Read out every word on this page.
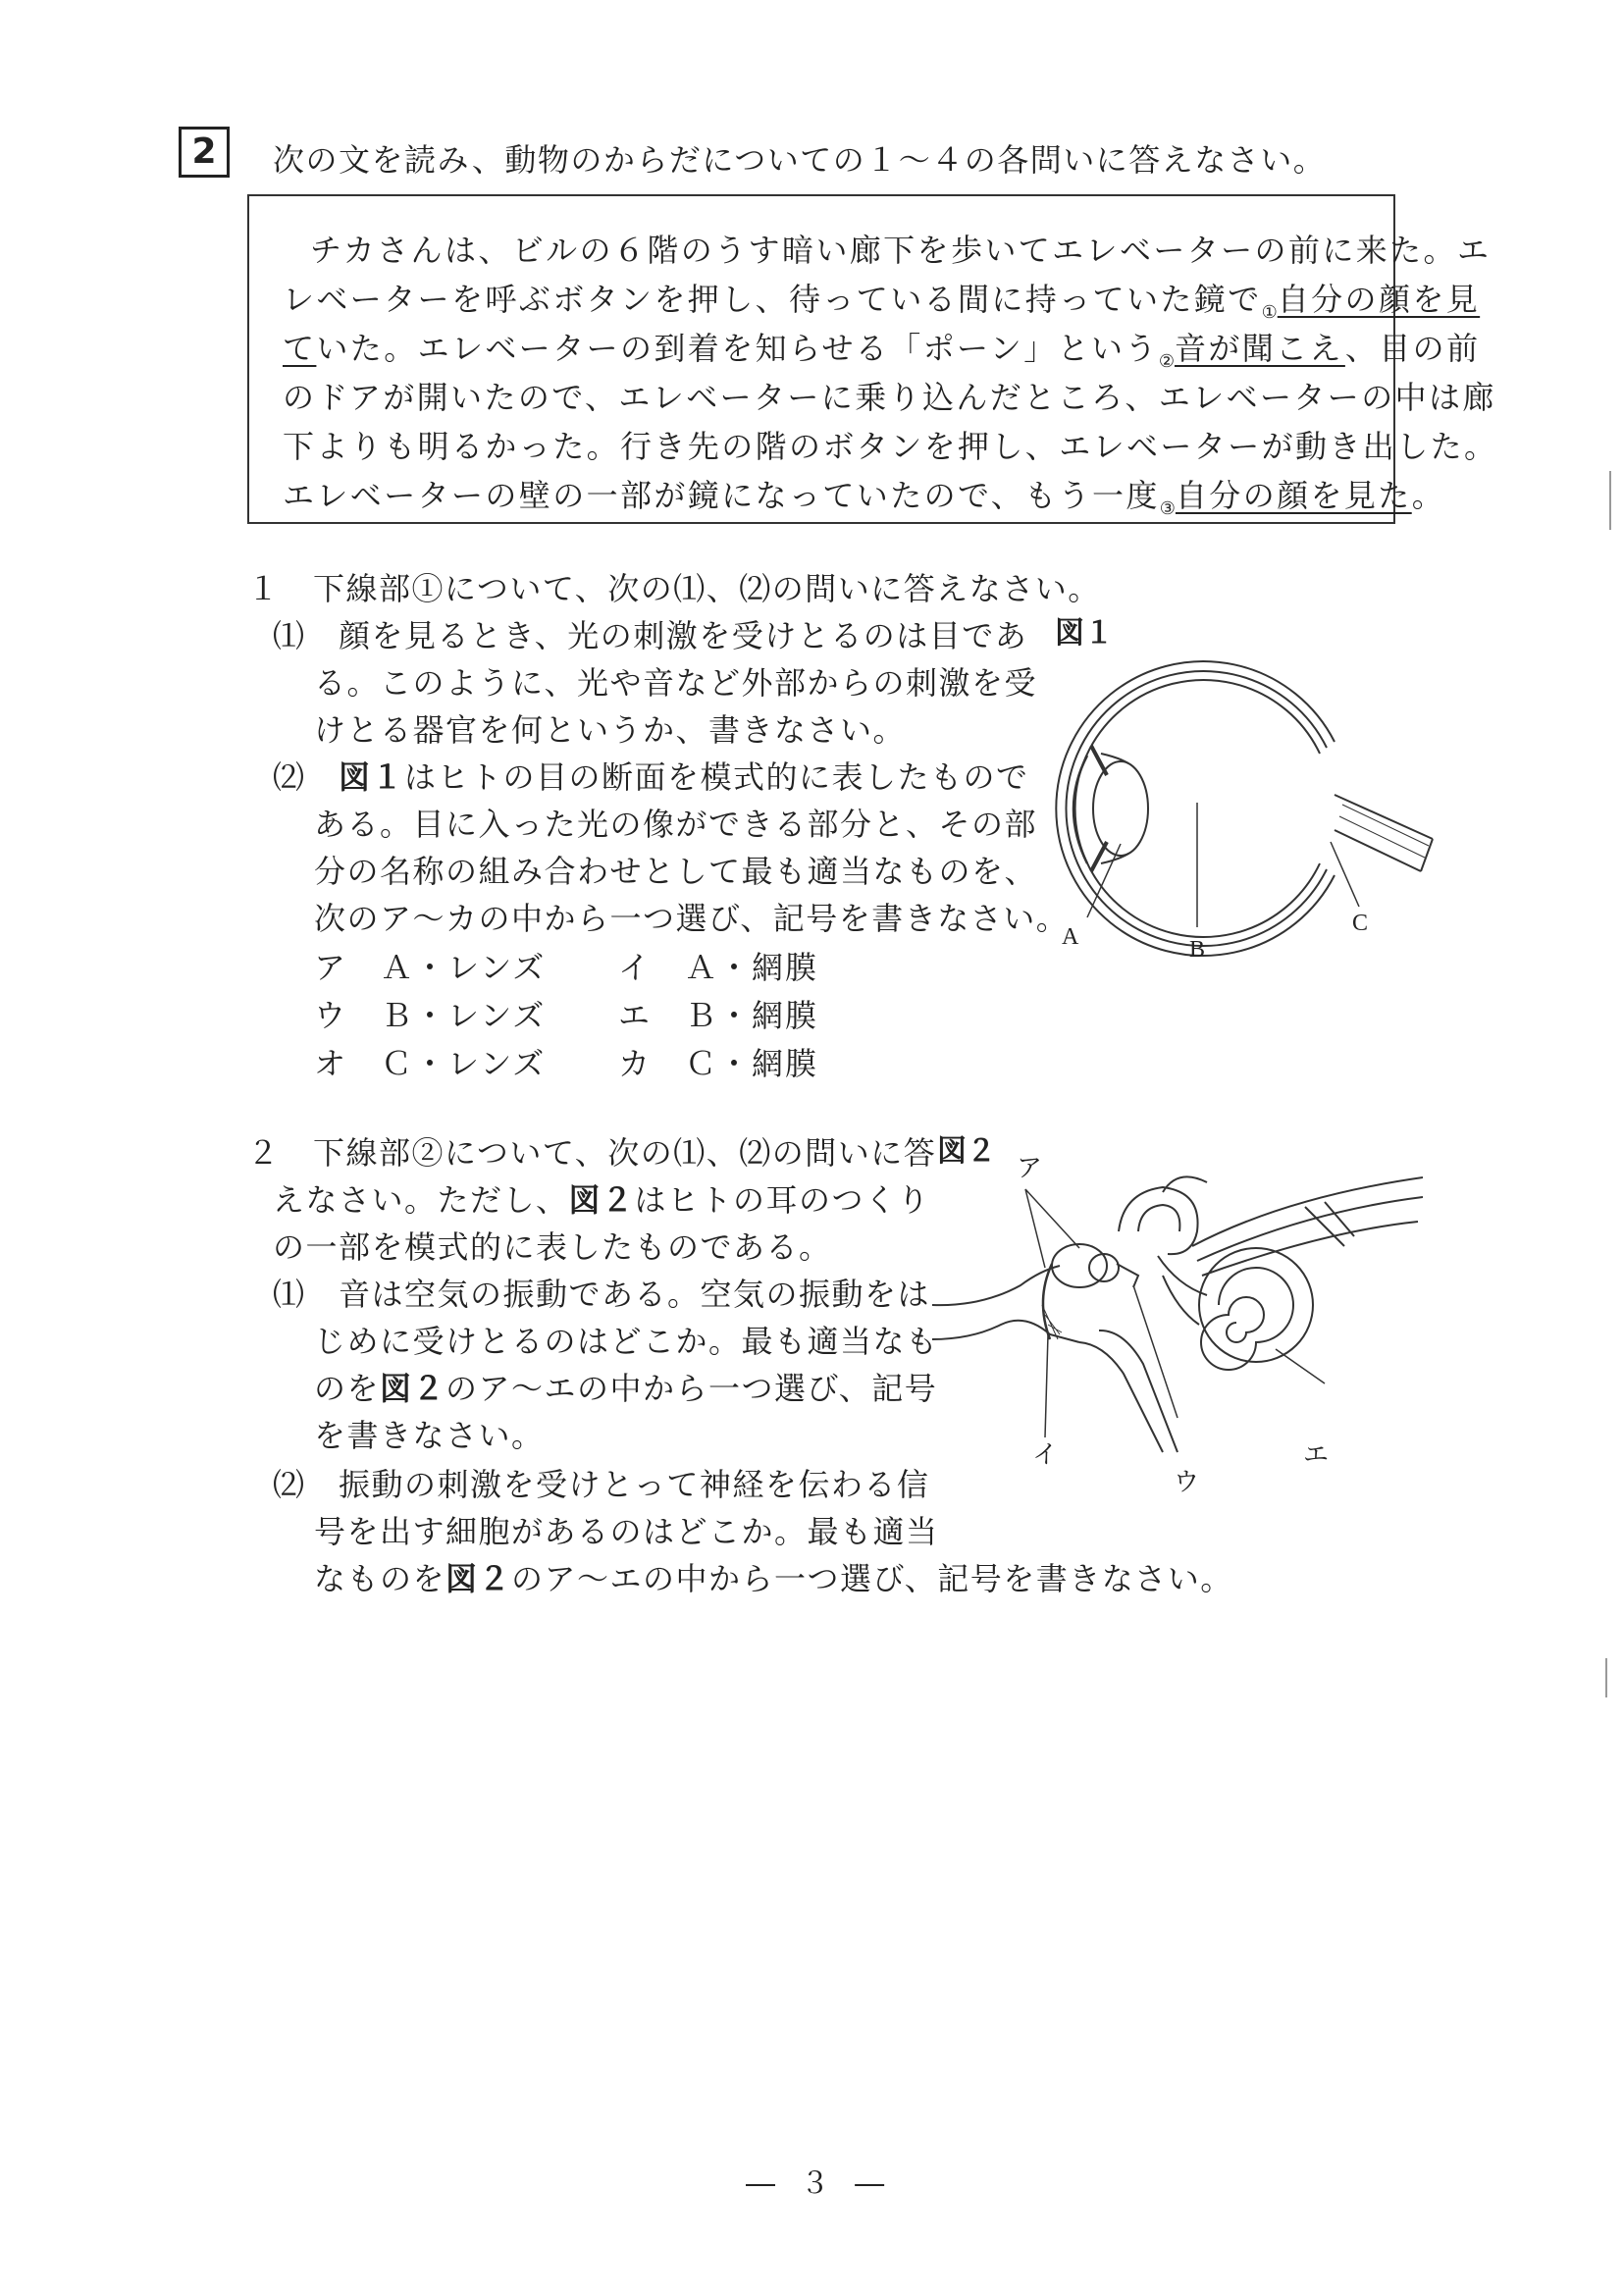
2	次の文を読み、動物のからだについての１～４の各問いに答えなさい。
チカさんは、ビルの６階のうす暗い廊下を歩いてエレベーターの前に来た。エ
レベーターを呼ぶボタンを押し、待っている間に持っていた鏡で$_①$自分の顔を見
ていた。エレベーターの到着を知らせる「ポーン」という$_②$音が聞こえ、目の前
のドアが開いたので、エレベーターに乗り込んだところ、エレベーターの中は廊
下よりも明るかった。行き先の階のボタンを押し、エレベーターが動き出した。
エレベーターの壁の一部が鏡になっていたので、もう一度$_③$自分の顔を見た。
１　下線部①について、次の⑴、⑵の問いに答えなさい。
⑴　顔を見るとき、光の刺激を受けとるのは目であ
る。このように、光や音など外部からの刺激を受
けとる器官を何というか、書きなさい。
⑵　図１はヒトの目の断面を模式的に表したもので
ある。目に入った光の像ができる部分と、その部
分の名称の組み合わせとして最も適当なものを、
次のア～カの中から一つ選び、記号を書きなさい。
ア　Ａ・レンズ イ　Ａ・網膜
ウ　Ｂ・レンズ エ　Ｂ・網膜
オ　Ｃ・レンズ カ　Ｃ・網膜
図１
A	B
C
２　下線部②について、次の⑴、⑵の問いに答
えなさい。ただし、図２はヒトの耳のつくり
の一部を模式的に表したものである。
⑴　音は空気の振動である。空気の振動をは
じめに受けとるのはどこか。最も適当なも
のを図２のア～エの中から一つ選び、記号
を書きなさい。
⑵　振動の刺激を受けとって神経を伝わる信
号を出す細胞があるのはどこか。最も適当
なものを図２のア～エの中から一つ選び、記号を書きなさい。
図２ ア
イ
ウ
エ
― ３ ―
